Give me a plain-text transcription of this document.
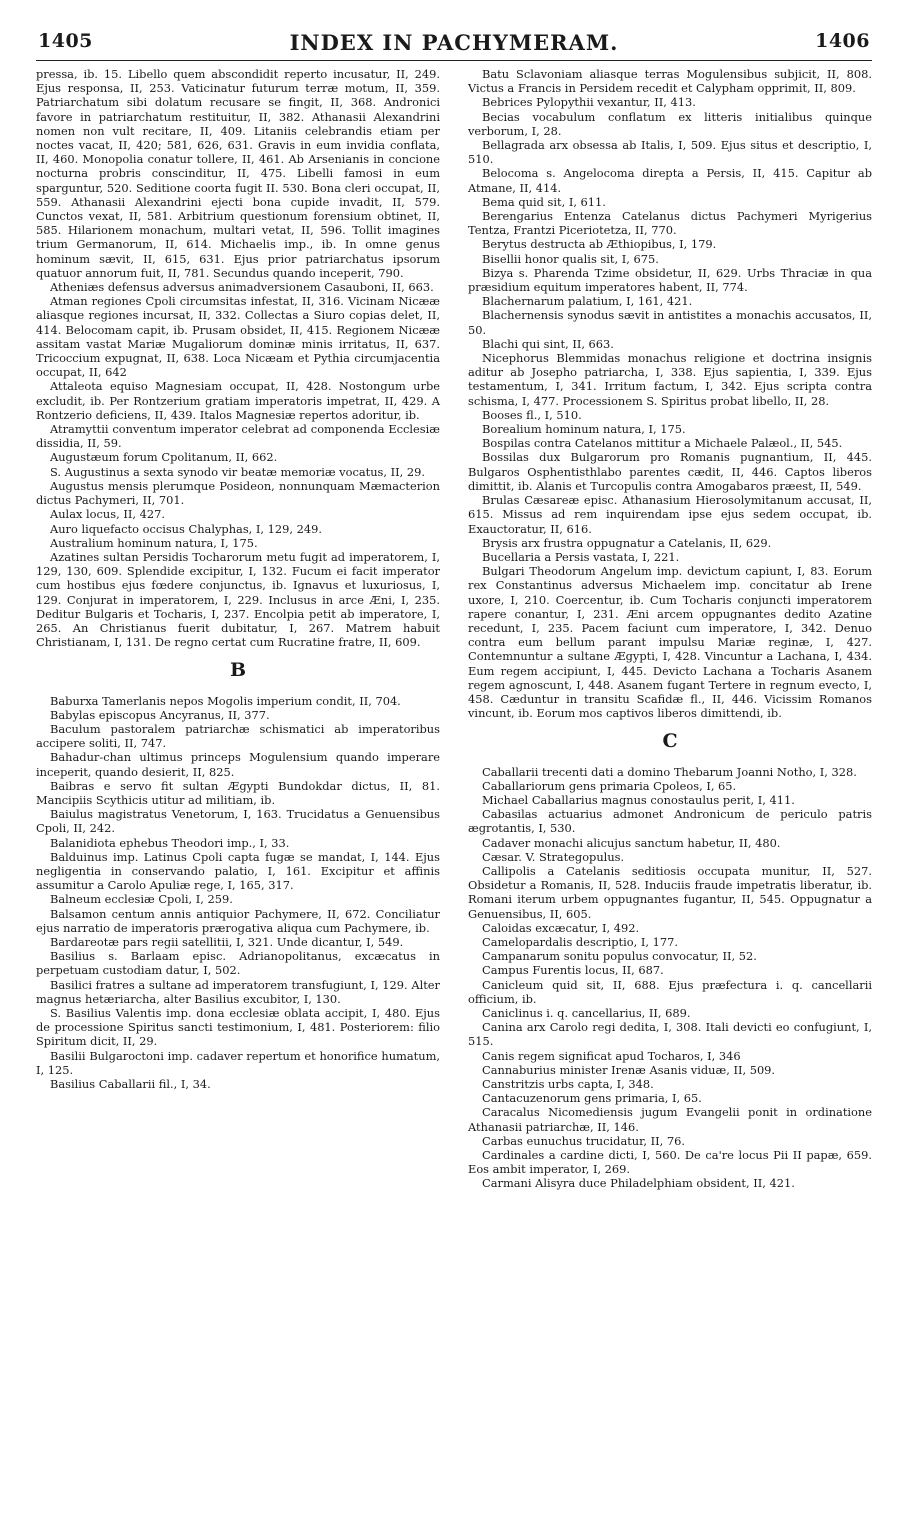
1405	INDEX IN PACHYMERAM.	1406

pressa, ib. 15. Libello quem abscondidit reperto incusatur, II, 249. Ejus responsa, II, 253. Vaticinatur futurum terræ motum, II, 359. Patriarchatum sibi dolatum recusare se fingit, II, 368. Andronici favore in patriarchatum restituitur, II, 382. Athanasii Alexandrini nomen non vult recitare, II, 409. Litaniis celebrandis etiam per noctes vacat, II, 420; 581, 626, 631. Gravis in eum invidia conflata, II, 460. Monopolia conatur tollere, II, 461. Ab Arsenianis in concione nocturna probris conscinditur, II, 475. Libelli famosi in eum sparguntur, 520. Seditione coorta fugit II. 530. Bona cleri occupat, II, 559. Athanasii Alexandrini ejecti bona cupide invadit, II, 579. Cunctos vexat, II, 581. Arbitrium questionum forensium obtinet, II, 585. Hilarionem monachum, multari vetat, II, 596. Tollit imagines trium Germanorum, II, 614. Michaelis imp., ib. In omne genus hominum sævit, II, 615, 631. Ejus prior patriarchatus ipsorum quatuor annorum fuit, II, 781. Secundus quando inceperit, 790.

Atheniæs defensus adversus animadversionem Casauboni, II, 663.

Atman regiones Cpoli circumsitas infestat, II, 316. Vicinam Nicææ aliasque regiones incursat, II, 332. Collectas a Siuro copias delet, II, 414. Belocomam capit, ib. Prusam obsidet, II, 415. Regionem Nicææ assitam vastat Mariæ Mugaliorum dominæ minis irritatus, II, 637. Tricoccium expugnat, II, 638. Loca Nicæam et Pythia circumjacentia occupat, II, 642

Attaleota equiso Magnesiam occupat, II, 428. Nostongum urbe excludit, ib. Per Rontzerium gratiam imperatoris impetrat, II, 429. A Rontzerio deficiens, II, 439. Italos Magnesiæ repertos adoritur, ib.

Atramyttii conventum imperator celebrat ad componenda Ecclesiæ dissidia, II, 59.

Augustæum forum Cpolitanum, II, 662.

S. Augustinus a sexta synodo vir beatæ memoriæ vocatus, II, 29.

Augustus mensis plerumque Posideon, nonnunquam Mæmacterion dictus Pachymeri, II, 701.

Aulax locus, II, 427.

Auro liquefacto occisus Chalyphas, I, 129, 249.

Australium hominum natura, I, 175.

Azatines sultan Persidis Tocharorum metu fugit ad imperatorem, I, 129, 130, 609. Splendide excipitur, I, 132. Fucum ei facit imperator cum hostibus ejus fœdere conjunctus, ib. Ignavus et luxuriosus, I, 129. Conjurat in imperatorem, I, 229. Inclusus in arce Æni, I, 235. Deditur Bulgaris et Tocharis, I, 237. Encolpia petit ab imperatore, I, 265. An Christianus fuerit dubitatur, I, 267. Matrem habuit Christianam, I, 131. De regno certat cum Rucratine fratre, II, 609.

B

Baburxa Tamerlanis nepos Mogolis imperium condit, II, 704.

Babylas episcopus Ancyranus, II, 377.

Baculum pastoralem patriarchæ schismatici ab imperatoribus accipere soliti, II, 747.

Bahadur-chan ultimus princeps Mogulensium quando imperare inceperit, quando desierit, II, 825.

Baibras e servo fit sultan Ægypti Bundokdar dictus, II, 81. Mancipiis Scythicis utitur ad militiam, ib.

Baiulus magistratus Venetorum, I, 163. Trucidatus a Genuensibus Cpoli, II, 242.

Balanidiota ephebus Theodori imp., I, 33.

Balduinus imp. Latinus Cpoli capta fugæ se mandat, I, 144. Ejus negligentia in conservando palatio, I, 161. Excipitur et affinis assumitur a Carolo Apuliæ rege, I, 165, 317.

Balneum ecclesiæ Cpoli, I, 259.

Balsamon centum annis antiquior Pachymere, II, 672. Conciliatur ejus narratio de imperatoris prærogativa aliqua cum Pachymere, ib.

Bardareotæ pars regii satellitii, I, 321. Unde dicantur, I, 549.

Basilius s. Barlaam episc. Adrianopolitanus, excæcatus in perpetuam custodiam datur, I, 502.

Basilici fratres a sultane ad imperatorem transfugiunt, I, 129. Alter magnus hetæriarcha, alter Basilius excubitor, I, 130.

S. Basilius Valentis imp. dona ecclesiæ oblata accipit, I, 480. Ejus de processione Spiritus sancti testimonium, I, 481. Posteriorem: filio Spiritum dicit, II, 29.

Basilii Bulgaroctoni imp. cadaver repertum et honorifice humatum, I, 125.

Basilius Caballarii fil., I, 34.

Batu Sclavoniam aliasque terras Mogulensibus subjicit, II, 808. Victus a Francis in Persidem recedit et Calypham opprimit, II, 809.

Bebrices Pylopythii vexantur, II, 413.

Becias vocabulum conflatum ex litteris initialibus quinque verborum, I, 28.

Bellagrada arx obsessa ab Italis, I, 509. Ejus situs et descriptio, I, 510.

Belocoma s. Angelocoma direpta a Persis, II, 415. Capitur ab Atmane, II, 414.

Bema quid sit, I, 611.

Berengarius Entenza Catelanus dictus Pachymeri Myrigerius Tentza, Frantzi Piceriotetza, II, 770.

Berytus destructa ab Æthiopibus, I, 179.

Bisellii honor qualis sit, I, 675.

Bizya s. Pharenda Tzime obsidetur, II, 629. Urbs Thraciæ in qua præsidium equitum imperatores habent, II, 774.

Blachernarum palatium, I, 161, 421.

Blachernensis synodus sævit in antistites a monachis accusatos, II, 50.

Blachi qui sint, II, 663.

Nicephorus Blemmidas monachus religione et doctrina insignis aditur ab Josepho patriarcha, I, 338. Ejus sapientia, I, 339. Ejus testamentum, I, 341. Irritum factum, I, 342. Ejus scripta contra schisma, I, 477. Processionem S. Spiritus probat libello, II, 28.

Booses fl., I, 510.

Borealium hominum natura, I, 175.

Bospilas contra Catelanos mittitur a Michaele Palæol., II, 545.

Bossilas dux Bulgarorum pro Romanis pugnantium, II, 445. Bulgaros Osphentisthlabo parentes cædit, II, 446. Captos liberos dimittit, ib. Alanis et Turcopulis contra Amogabaros præest, II, 549.

Brulas Cæsareæ episc. Athanasium Hierosolymitanum accusat, II, 615. Missus ad rem inquirendam ipse ejus sedem occupat, ib. Exauctoratur, II, 616.

Brysis arx frustra oppugnatur a Catelanis, II, 629.

Bucellaria a Persis vastata, I, 221.

Bulgari Theodorum Angelum imp. devictum capiunt, I, 83. Eorum rex Constantinus adversus Michaelem imp. concitatur ab Irene uxore, I, 210. Coercentur, ib. Cum Tocharis conjuncti imperatorem rapere conantur, I, 231. Æni arcem oppugnantes dedito Azatine recedunt, I, 235. Pacem faciunt cum imperatore, I, 342. Denuo contra eum bellum parant impulsu Mariæ reginæ, I, 427. Contemnuntur a sultane Ægypti, I, 428. Vincuntur a Lachana, I, 434. Eum regem accipiunt, I, 445. Devicto Lachana a Tocharis Asanem regem agnoscunt, I, 448. Asanem fugant Tertere in regnum evecto, I, 458. Cæduntur in transitu Scafidæ fl., II, 446. Vicissim Romanos vincunt, ib. Eorum mos captivos liberos dimittendi, ib.

C

Caballarii trecenti dati a domino Thebarum Joanni Notho, I, 328.

Caballariorum gens primaria Cpoleos, I, 65.

Michael Caballarius magnus conostaulus perit, I, 411.

Cabasilas actuarius admonet Andronicum de periculo patris ægrotantis, I, 530.

Cadaver monachi alicujus sanctum habetur, II, 480.

Cæsar. V. Strategopulus.

Callipolis a Catelanis seditiosis occupata munitur, II, 527. Obsidetur a Romanis, II, 528. Induciis fraude impetratis liberatur, ib. Romani iterum urbem oppugnantes fugantur, II, 545. Oppugnatur a Genuensibus, II, 605.

Caloidas excæcatur, I, 492.

Camelopardalis descriptio, I, 177.

Campanarum sonitu populus convocatur, II, 52.

Campus Furentis locus, II, 687.

Canicleum quid sit, II, 688. Ejus præfectura i. q. cancellarii officium, ib.

Caniclinus i. q. cancellarius, II, 689.

Canina arx Carolo regi dedita, I, 308. Itali devicti eo confugiunt, I, 515.

Canis regem significat apud Tocharos, I, 346

Cannaburius minister Irenæ Asanis viduæ, II, 509.

Canstritzis urbs capta, I, 348.

Cantacuzenorum gens primaria, I, 65.

Caracalus Nicomediensis jugum Evangelii ponit in ordinatione Athanasii patriarchæ, II, 146.

Carbas eunuchus trucidatur, II, 76.

Cardinales a cardine dicti, I, 560. De ca're locus Pii II papæ, 659. Eos ambit imperator, I, 269.

Carmani Alisyra duce Philadelphiam obsident, II, 421.
